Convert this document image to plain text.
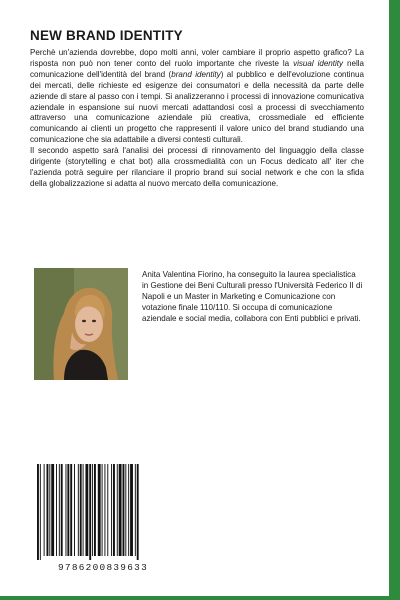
NEW BRAND IDENTITY

Perchè un'azienda dovrebbe, dopo molti anni, voler cambiare il proprio aspetto grafico? La risposta non può non tener conto del ruolo importante che riveste la visual identity nella comunicazione dell'identità del brand (brand identity) al pubblico e dell'evoluzione continua dei mercati, delle richieste ed esigenze dei consumatori e della necessità da parte delle aziende di stare al passo con i tempi. Si analizzeranno i processi di innovazione comunicativa aziendale in espansione sui nuovi mercati adattandosi così a processi di svecchiamento attraverso una comunicazione aziendale più creativa, crossmediale ed efficiente comunicando ai clienti un progetto che rappresenti il valore unico del brand studiando una comunicazione che sia adattabile a diversi contesti culturali.

Il secondo aspetto sarà l'analisi dei processi di rinnovamento del linguaggio della classe dirigente (storytelling e chat bot) alla crossmedialità con un Focus dedicato all' iter che l'azienda potrà seguire per rilanciare il proprio brand sui social network e che con la sfida della globalizzazione si adatta al nuovo mercato della comunicazione.

Anita Valentina Fiorino, ha conseguito la laurea specialistica in Gestione dei Beni Culturali presso l'Università Federico II di Napoli e un Master in Marketing e Comunicazione con votazione finale 110/110. Si occupa di comunicazione aziendale e social media, collabora con Enti pubblici e privati.
9786200839633
